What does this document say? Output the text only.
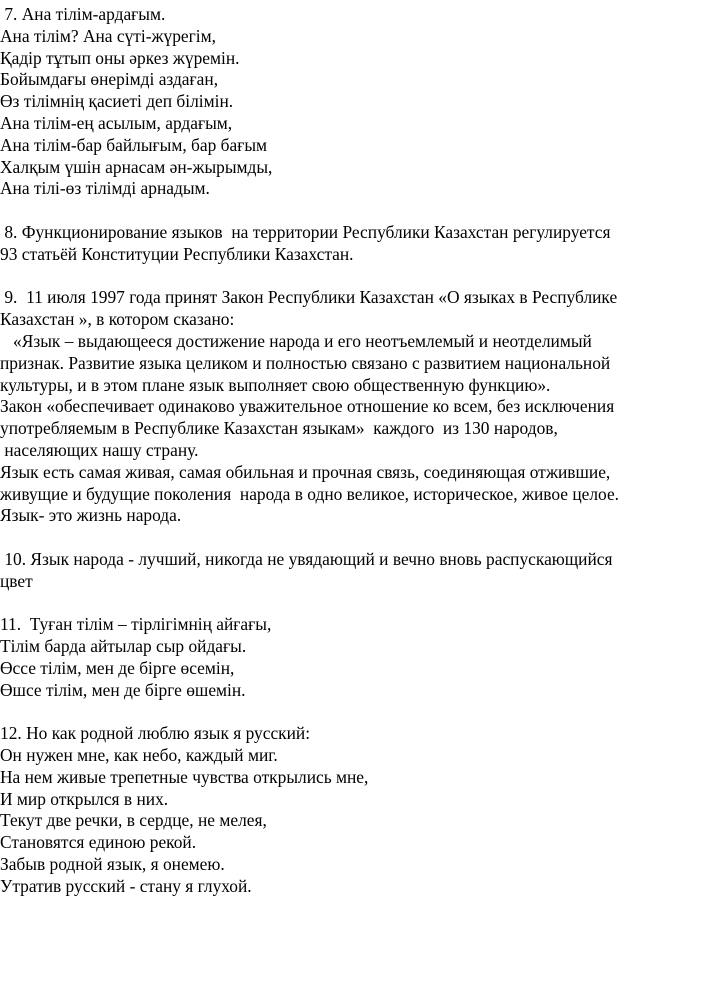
7. Ана тілім-ардағым.
Ана тілім? Ана сүті-жүрегім,
Қадір тұтып оны әркез жүремін.
Бойымдағы өнерімді аздаған,
Өз тілімнің қасиеті деп білімін.
Ана тілім-ең асылым, ардағым,
Ана тілім-бар байлығым, бар бағым
Халқым үшін арнасам ән-жырымды,
Ана тілі-өз тілімді арнадым.
8. Функционирование языков  на территории Республики Казахстан регулируется
93 статьёй Конституции Республики Казахстан.
9.  11 июля 1997 года принят Закон Республики Казахстан «О языках в Республике
Казахстан », в котором сказано:
«Язык – выдающееся достижение народа и его неотъемлемый и неотделимый
признак. Развитие языка целиком и полностью связано с развитием национальной
культуры, и в этом плане язык выполняет свою общественную функцию».
Закон «обеспечивает одинаково уважительное отношение ко всем, без исключения
употребляемым в Республике Казахстан языкам»  каждого  из 130 народов,
населяющих нашу страну.
Язык есть самая живая, самая обильная и прочная связь, соединяющая отжившие,
живущие и будущие поколения  народа в одно великое, историческое, живое целое.
Язык- это жизнь народа.
10. Язык народа - лучший, никогда не увядающий и вечно вновь распускающийся
цвет
11.  Туған тілім – тірлігімнің айғағы,
Тілім барда айтылар сыр ойдағы.
Өссе тілім, мен де бірге өсемін,
Өшсе тілім, мен де бірге өшемін.
12. Но как родной люблю язык я русский:
Он нужен мне, как небо, каждый миг.
На нем живые трепетные чувства открылись мне,
И мир открылся в них.
Текут две речки, в сердце, не мелея,
Становятся единою рекой.
Забыв родной язык, я онемею.
Утратив русский - стану я глухой.
